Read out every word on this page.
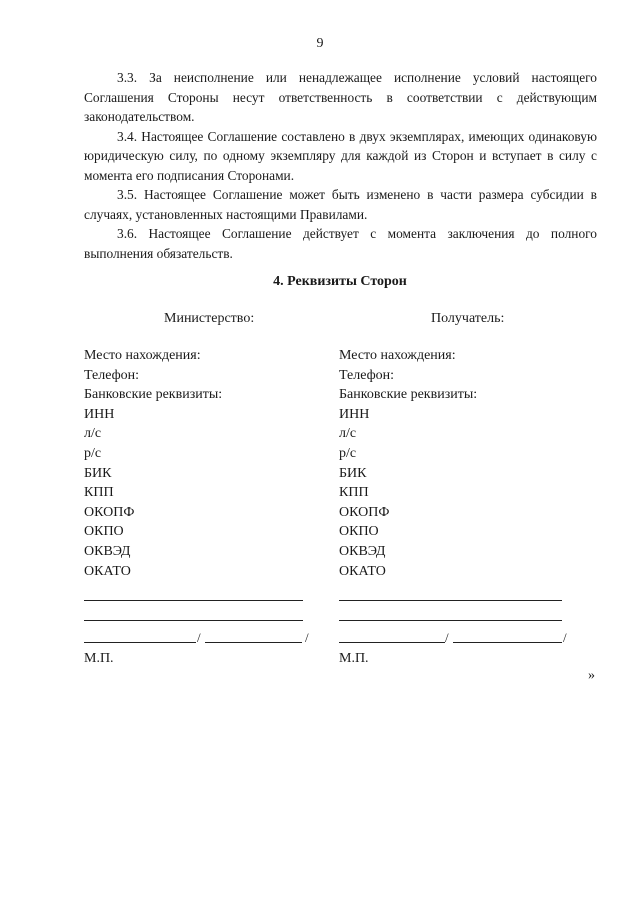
9

3.3. За неисполнение или ненадлежащее исполнение условий настоящего Соглашения Стороны несут ответственность в соответствии с действующим законодательством.

3.4. Настоящее Соглашение составлено в двух экземплярах, имеющих одинаковую юридическую силу, по одному экземпляру для каждой из Сторон и вступает в силу с момента его подписания Сторонами.

3.5. Настоящее Соглашение может быть изменено в части размера субсидии в случаях, установленных настоящими Правилами.

3.6. Настоящее Соглашение действует с момента заключения до полного выполнения обязательств.

4. Реквизиты Сторон
Министерство:
Место нахождения:
Телефон:
Банковские реквизиты:
ИНН
л/с
р/с
БИК
КПП
ОКОПФ
ОКПО
ОКВЭД
ОКАТО
/	/
М.П.
Получатель:
Место нахождения:
Телефон:
Банковские реквизиты:
ИНН
л/с
р/с
БИК
КПП
ОКОПФ
ОКПО
ОКВЭД
ОКАТО
/	/
М.П.
»
